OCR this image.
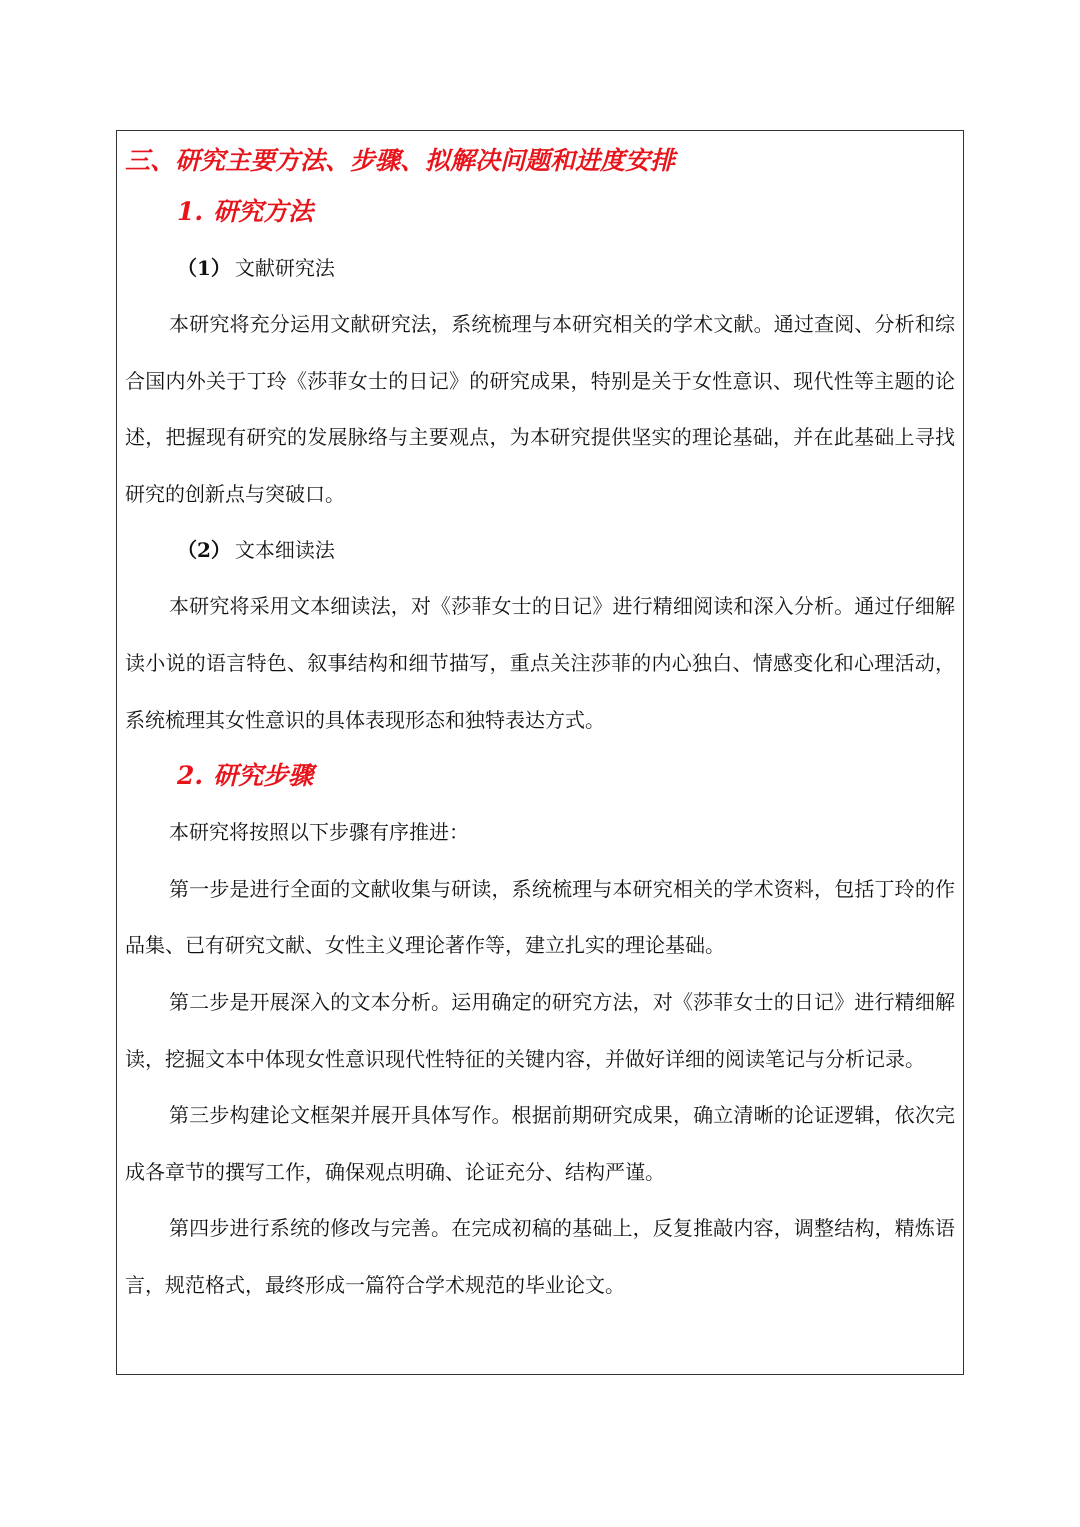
三、研究主要方法、步骤、拟解决问题和进度安排
1. 研究方法
（1） 文献研究法

本研究将充分运用文献研究法，系统梳理与本研究相关的学术文献。通过查阅、分析和综合国内外关于丁玲《莎菲女士的日记》的研究成果，特别是关于女性意识、现代性等主题的论述，把握现有研究的发展脉络与主要观点，为本研究提供坚实的理论基础，并在此基础上寻找研究的创新点与突破口。

（2） 文本细读法

本研究将采用文本细读法，对《莎菲女士的日记》进行精细阅读和深入分析。通过仔细解读小说的语言特色、叙事结构和细节描写，重点关注莎菲的内心独白、情感变化和心理活动，系统梳理其女性意识的具体表现形态和独特表达方式。

2. 研究步骤

本研究将按照以下步骤有序推进：

第一步是进行全面的文献收集与研读，系统梳理与本研究相关的学术资料，包括丁玲的作品集、已有研究文献、女性主义理论著作等，建立扎实的理论基础。

第二步是开展深入的文本分析。运用确定的研究方法，对《莎菲女士的日记》进行精细解读，挖掘文本中体现女性意识现代性特征的关键内容，并做好详细的阅读笔记与分析记录。

第三步构建论文框架并展开具体写作。根据前期研究成果，确立清晰的论证逻辑，依次完成各章节的撰写工作，确保观点明确、论证充分、结构严谨。

第四步进行系统的修改与完善。在完成初稿的基础上，反复推敲内容，调整结构，精炼语言，规范格式，最终形成一篇符合学术规范的毕业论文。
